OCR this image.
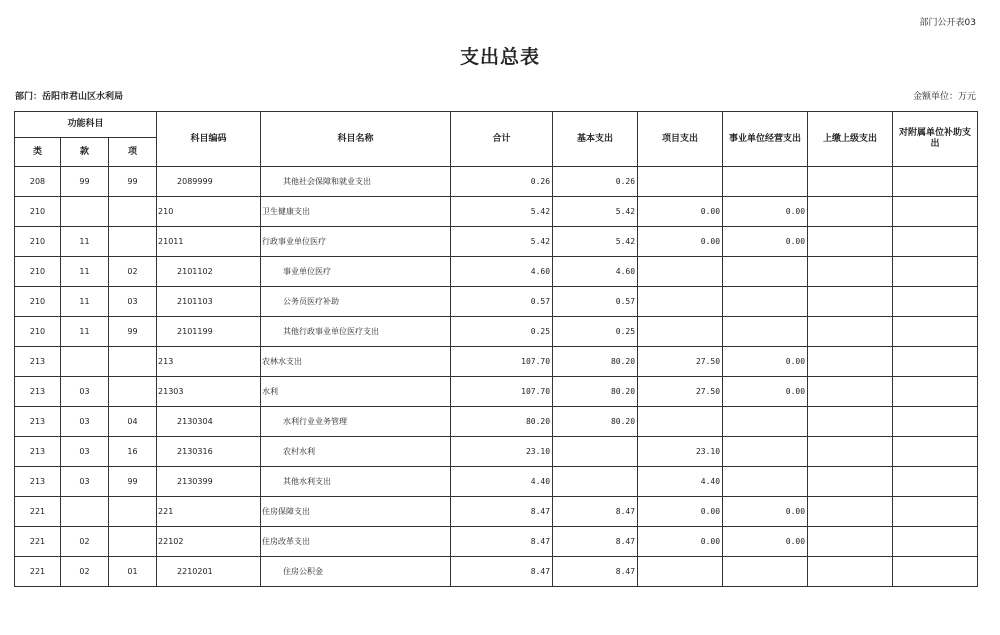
部门公开表03
支出总表
部门：岳阳市君山区水利局	金额单位：万元
功能科目			科目编码	科目名称	合计	基本支出	项目支出	事业单位经营支出	上缴上级支出	对附属单位补助支出
类	款	项								
208	99	99	2089999	其他社会保障和就业支出	0.26	0.26				
210			210	卫生健康支出	5.42	5.42	0.00	0.00		
210	11		21011	行政事业单位医疗	5.42	5.42	0.00	0.00		
210	11	02	2101102	事业单位医疗	4.60	4.60				
210	11	03	2101103	公务员医疗补助	0.57	0.57				
210	11	99	2101199	其他行政事业单位医疗支出	0.25	0.25				
213			213	农林水支出	107.70	80.20	27.50	0.00		
213	03		21303	水利	107.70	80.20	27.50	0.00		
213	03	04	2130304	水利行业业务管理	80.20	80.20				
213	03	16	2130316	农村水利	23.10		23.10			
213	03	99	2130399	其他水利支出	4.40		4.40			
221			221	住房保障支出	8.47	8.47	0.00	0.00		
221	02		22102	住房改革支出	8.47	8.47	0.00	0.00		
221	02	01	2210201	住房公积金	8.47	8.47				
